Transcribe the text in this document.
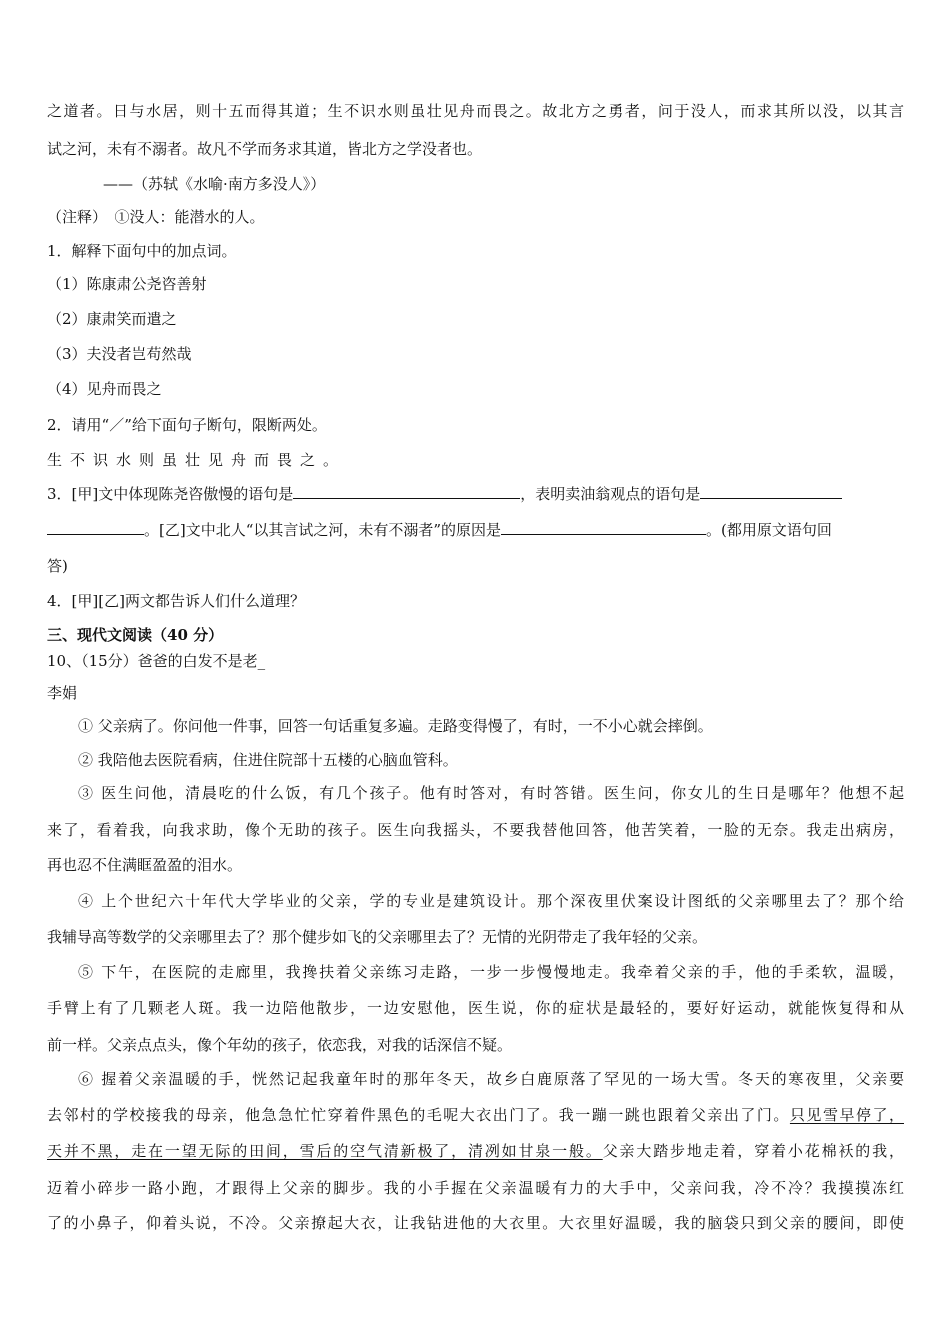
之道者。日与水居，则十五而得其道；生不识水则虽壮见舟而畏之。故北方之勇者，问于没人，而求其所以没，以其言
试之河，未有不溺者。故凡不学而务求其道，皆北方之学没者也。
——（苏轼《水喻·南方多没人》）
（注释）　①没人：能潜水的人。
1．解释下面句中的加点词。
（1）陈康肃公尧咨善射
（2）康肃笑而遣之
（3）夫没者岂苟然哉
（4）见舟而畏之
2．请用“／”给下面句子断句，限断两处。
生不识水则虽壮见舟而畏之。
3．[甲]文中体现陈尧咨傲慢的语句是	，表明卖油翁观点的语句是
。[乙]文中北人“以其言试之河，未有不溺者”的原因是	。(都用原文语句回
答)
4．[甲][乙]两文都告诉人们什么道理？
三、现代文阅读（40 分）
10、（15分）爸爸的白发不是老_
李娟
① 父亲病了。你问他一件事，回答一句话重复多遍。走路变得慢了，有时，一不小心就会摔倒。
② 我陪他去医院看病，住进住院部十五楼的心脑血管科。
③ 医生问他，清晨吃的什么饭，有几个孩子。他有时答对，有时答错。医生问，你女儿的生日是哪年？他想不起
来了，看着我，向我求助，像个无助的孩子。医生向我摇头，不要我替他回答，他苦笑着，一脸的无奈。我走出病房，
再也忍不住满眶盈盈的泪水。
④ 上个世纪六十年代大学毕业的父亲，学的专业是建筑设计。那个深夜里伏案设计图纸的父亲哪里去了？那个给
我辅导高等数学的父亲哪里去了？那个健步如飞的父亲哪里去了？无情的光阴带走了我年轻的父亲。
⑤ 下午，在医院的走廊里，我搀扶着父亲练习走路，一步一步慢慢地走。我牵着父亲的手，他的手柔软，温暖，
手臂上有了几颗老人斑。我一边陪他散步，一边安慰他，医生说，你的症状是最轻的，要好好运动，就能恢复得和从
前一样。父亲点点头，像个年幼的孩子，依恋我，对我的话深信不疑。
⑥ 握着父亲温暖的手，恍然记起我童年时的那年冬天，故乡白鹿原落了罕见的一场大雪。冬天的寒夜里，父亲要
去邻村的学校接我的母亲，他急急忙忙穿着件黑色的毛呢大衣出门了。我一蹦一跳也跟着父亲出了门。只见雪早停了，
天并不黑，走在一望无际的田间，雪后的空气清新极了，清冽如甘泉一般。父亲大踏步地走着，穿着小花棉袄的我，
迈着小碎步一路小跑，才跟得上父亲的脚步。我的小手握在父亲温暖有力的大手中，父亲问我，冷不冷？我摸摸冻红
了的小鼻子，仰着头说，不冷。父亲撩起大衣，让我钻进他的大衣里。大衣里好温暖，我的脑袋只到父亲的腰间，即使
